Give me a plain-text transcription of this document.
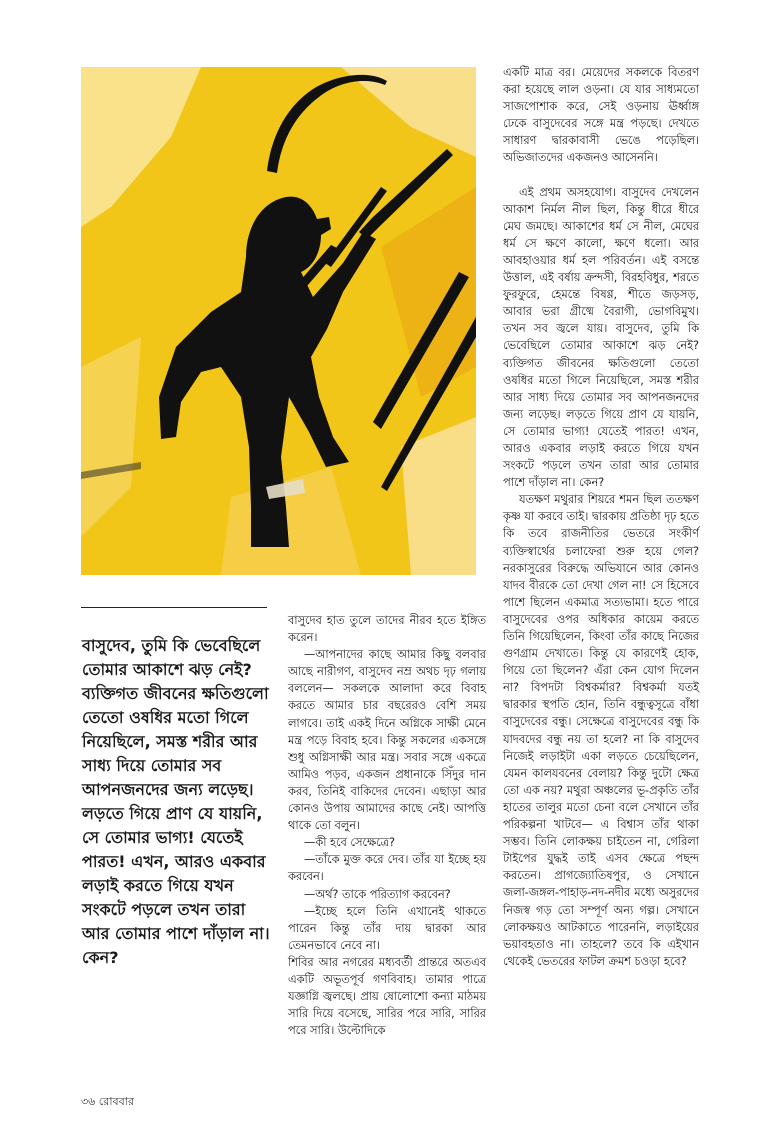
বাসুদেব, তুমি কি ভেবেছিলে তোমার আকাশে ঝড় নেই? ব্যক্তিগত জীবনের ক্ষতিগুলো তেতো ওষধির মতো গিলে নিয়েছিলে, সমস্ত শরীর আর সাধ্য দিয়ে তোমার সব আপনজনদের জন্য লড়েছ। লড়তে গিয়ে প্রাণ যে যায়নি, সে তোমার ভাগ্য! যেতেই পারত! এখন, আরও একবার লড়াই করতে গিয়ে যখন সংকটে পড়লে তখন তারা আর তোমার পাশে দাঁড়াল না। কেন?

বাসুদেব হাত তুলে তাদের নীরব হতে ইঙ্গিত করেন।

—আপনাদের কাছে আমার কিছু বলবার আছে নারীগণ, বাসুদেব নম্র অথচ দৃঢ় গলায় বললেন— সকলকে আলাদা করে বিবাহ করতে আমার চার বছরেরও বেশি সময় লাগবে। তাই একই দিনে অগ্নিকে সাক্ষী মেনে মন্ত্র পড়ে বিবাহ হবে। কিন্তু সকলের একসঙ্গে শুধু অগ্নিসাক্ষী আর মন্ত্র। সবার সঙ্গে একত্রে আমিও পড়ব, একজন প্রধানাকে সিঁদুর দান করব, তিনিই বাকিদের দেবেন। এছাড়া আর কোনও উপায় আমাদের কাছে নেই। আপত্তি থাকে তো বলুন।

—কী হবে সেক্ষেত্রে?

—তাঁকে মুক্ত করে দেব। তাঁর যা ইচ্ছে হয় করবেন।

—অর্থ? তাকে পরিত্যাগ করবেন?

—ইচ্ছে হলে তিনি এখানেই থাকতে পারেন কিন্তু তাঁর দায় দ্বারকা আর তেমনভাবে নেবে না।

শিবির আর নগরের মধ্যবর্তী প্রান্তরে অতএব একটি অভূতপূর্ব গণবিবাহ। তামার পাত্রে যজ্ঞাগ্নি জ্বলছে। প্রায় ষোলোশো কন্যা মাঠময় সারি দিয়ে বসেছে, সারির পরে সারি, সারির পরে সারি। উল্টোদিকে

একটি মাত্র বর। মেয়েদের সকলকে বিতরণ করা হয়েছে লাল ওড়না। যে যার সাধ্যমতো সাজপোশাক করে, সেই ওড়নায় ঊর্ধ্বাঙ্গ ঢেকে বাসুদেবের সঙ্গে মন্ত্র পড়ছে। দেখতে সাধারণ দ্বারকাবাসী ভেঙে পড়েছিল। অভিজাতদের একজনও আসেননি।

এই প্রথম অসহযোগ। বাসুদেব দেখলেন আকাশ নির্মল নীল ছিল, কিন্তু ধীরে ধীরে মেঘ জমছে। আকাশের ধর্ম সে নীল, মেঘের ধর্ম সে ক্ষণে কালো, ক্ষণে ধলো। আর আবহাওয়ার ধর্ম হল পরিবর্তন। এই বসন্তে উত্তাল, এই বর্ষায় ক্রন্দসী, বিরহবিধুর, শরতে ফুরফুরে, হেমন্তে বিষণ্ণ, শীতে জড়সড়, আবার ভরা গ্রীষ্মে বৈরাগী, ভোগবিমুখ। তখন সব জ্বলে যায়। বাসুদেব, তুমি কি ভেবেছিলে তোমার আকাশে ঝড় নেই? ব্যক্তিগত জীবনের ক্ষতিগুলো তেতো ওষধির মতো গিলে নিয়েছিলে, সমস্ত শরীর আর সাধ্য দিয়ে তোমার সব আপনজনদের জন্য লড়েছ। লড়তে গিয়ে প্রাণ যে যায়নি, সে তোমার ভাগ্য! যেতেই পারত! এখন, আরও একবার লড়াই করতে গিয়ে যখন সংকটে পড়লে তখন তারা আর তোমার পাশে দাঁড়াল না। কেন?

যতক্ষণ মথুরার শিয়রে শমন ছিল ততক্ষণ কৃষ্ণ যা করবে তাই। দ্বারকায় প্রতিষ্ঠা দৃঢ় হতে কি তবে রাজনীতির ভেতরে সংকীর্ণ ব্যক্তিস্বার্থের চলাফেরা শুরু হয়ে গেল? নরকাসুরের বিরুদ্ধে অভিযানে আর কোনও যাদব বীরকে তো দেখা গেল না! সে হিসেবে পাশে ছিলেন একমাত্র সত্যভামা। হতে পারে বাসুদেবের ওপর অধিকার কায়েম করতে তিনি গিয়েছিলেন, কিংবা তাঁর কাছে নিজের গুণগ্রাম দেখাতে। কিন্তু যে কারণেই হোক, গিয়ে তো ছিলেন? এঁরা কেন যোগ দিলেন না? বিপদটা বিশ্বকর্মার? বিশ্বকর্মা যতই দ্বারকার স্থপতি হোন, তিনি বন্ধুত্বসূত্রে বাঁধা বাসুদেবের বন্ধু। সেক্ষেত্রে বাসুদেবের বন্ধু কি যাদবদের বন্ধু নয় তা হলে? না কি বাসুদেব নিজেই লড়াইটা একা লড়তে চেয়েছিলেন, যেমন কালযবনের বেলায়? কিন্তু দুটো ক্ষেত্র তো এক নয়? মথুরা অঞ্চলের ভূ-প্রকৃতি তাঁর হাতের তালুর মতো চেনা বলে সেখানে তাঁর পরিকল্পনা খাটবে— এ বিশ্বাস তাঁর থাকা সম্ভব। তিনি লোকক্ষয় চাইতেন না, গেরিলা টাইপের যুদ্ধই তাই এসব ক্ষেত্রে পছন্দ করতেন। প্রাগজ্যোতিষপুর, ও সেখানে জলা-জঙ্গল-পাহাড়-নদ-নদীর মধ্যে অসুরদের নিজস্ব গড় তো সম্পূর্ণ অন্য গল্প। সেখানে লোকক্ষয়ও আটকাতে পারেননি, লড়াইয়ের ভয়াবহতাও না। তাহলে? তবে কি এইখান থেকেই ভেতরের ফাটল ক্রমশ চওড়া হবে?

৩৬ রোববার
